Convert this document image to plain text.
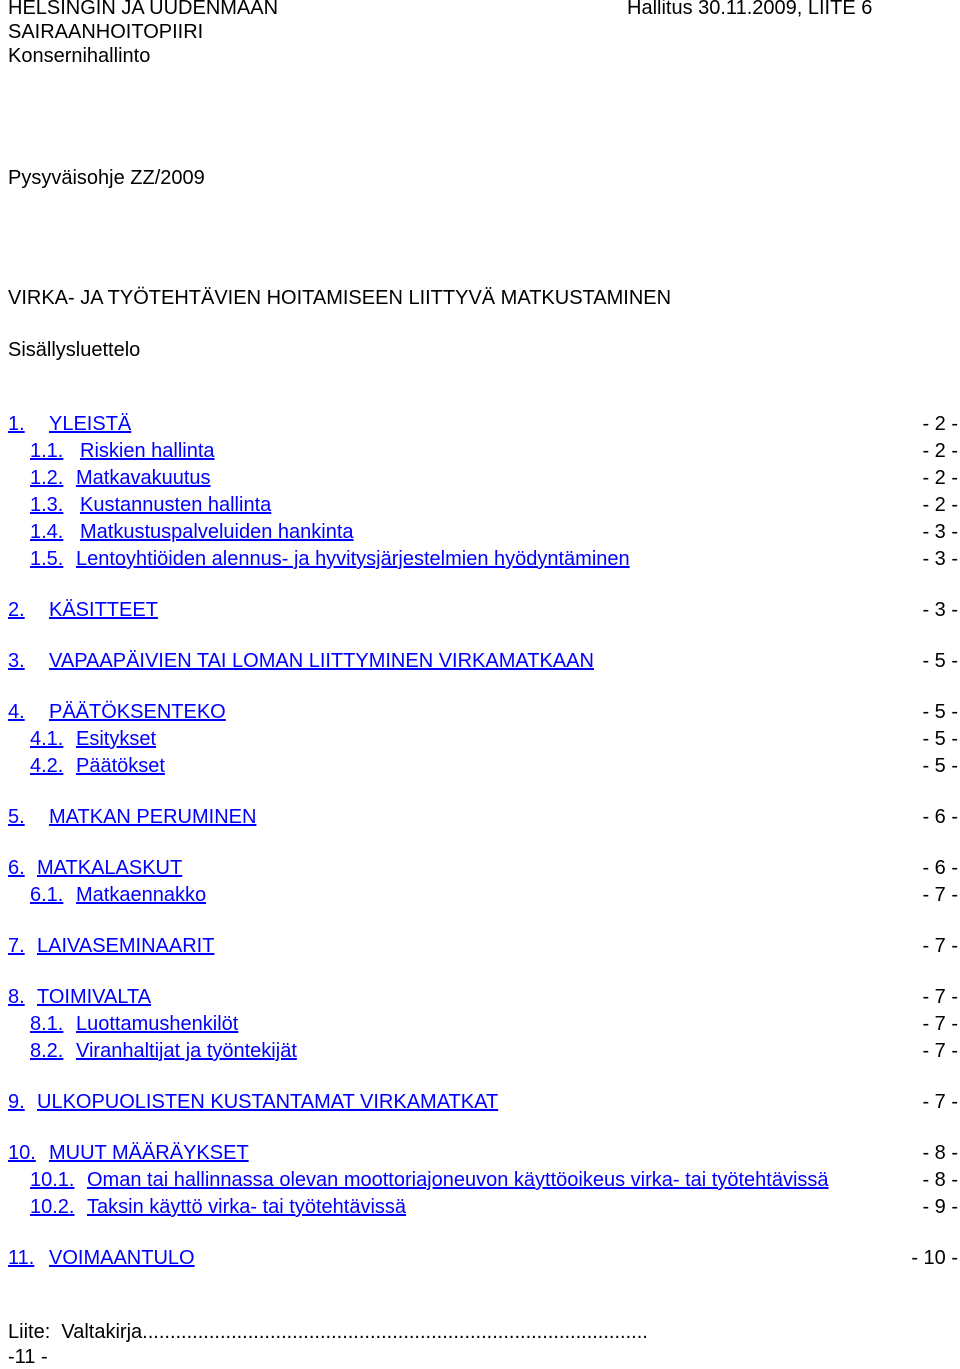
HELSINGIN JA UUDENMAAN
SAIRAANHOITOPIIRI
Konsernihallinto
Hallitus 30.11.2009, LIITE 6
Pysyväisohje ZZ/2009
VIRKA- JA TYÖTEHTÄVIEN HOITAMISEEN LIITTYVÄ MATKUSTAMINEN
Sisällysluettelo
1. YLEISTÄ	- 2 -
1.1. Riskien hallinta	- 2 -
1.2. Matkavakuutus	- 2 -
1.3. Kustannusten hallinta	- 2 -
1.4. Matkustuspalveluiden hankinta	- 3 -
1.5. Lentoyhtiöiden alennus- ja hyvitysjärjestelmien hyödyntäminen	- 3 -
2. KÄSITTEET	- 3 -
3. VAPAAPÄIVIEN TAI LOMAN LIITTYMINEN VIRKAMATKAAN	- 5 -
4. PÄÄTÖKSENTEKO	- 5 -
4.1. Esitykset	- 5 -
4.2. Päätökset	- 5 -
5. MATKAN PERUMINEN	- 6 -
6. MATKALASKUT	- 6 -
6.1. Matkaennakko	- 7 -
7. LAIVASEMINAARIT	- 7 -
8. TOIMIVALTA	- 7 -
8.1. Luottamushenkilöt	- 7 -
8.2. Viranhaltijat ja työntekijät	- 7 -
9. ULKOPUOLISTEN KUSTANTAMAT VIRKAMATKAT	- 7 -
10. MUUT MÄÄRÄYKSET	- 8 -
10.1. Oman tai hallinnassa olevan moottoriajoneuvon käyttöoikeus virka- tai työtehtävissä	- 8 -
10.2. Taksin käyttö virka- tai työtehtävissä	- 9 -
11. VOIMAANTULO	- 10 -
Liite: Valtakirja...........................................................................................
-11 -
